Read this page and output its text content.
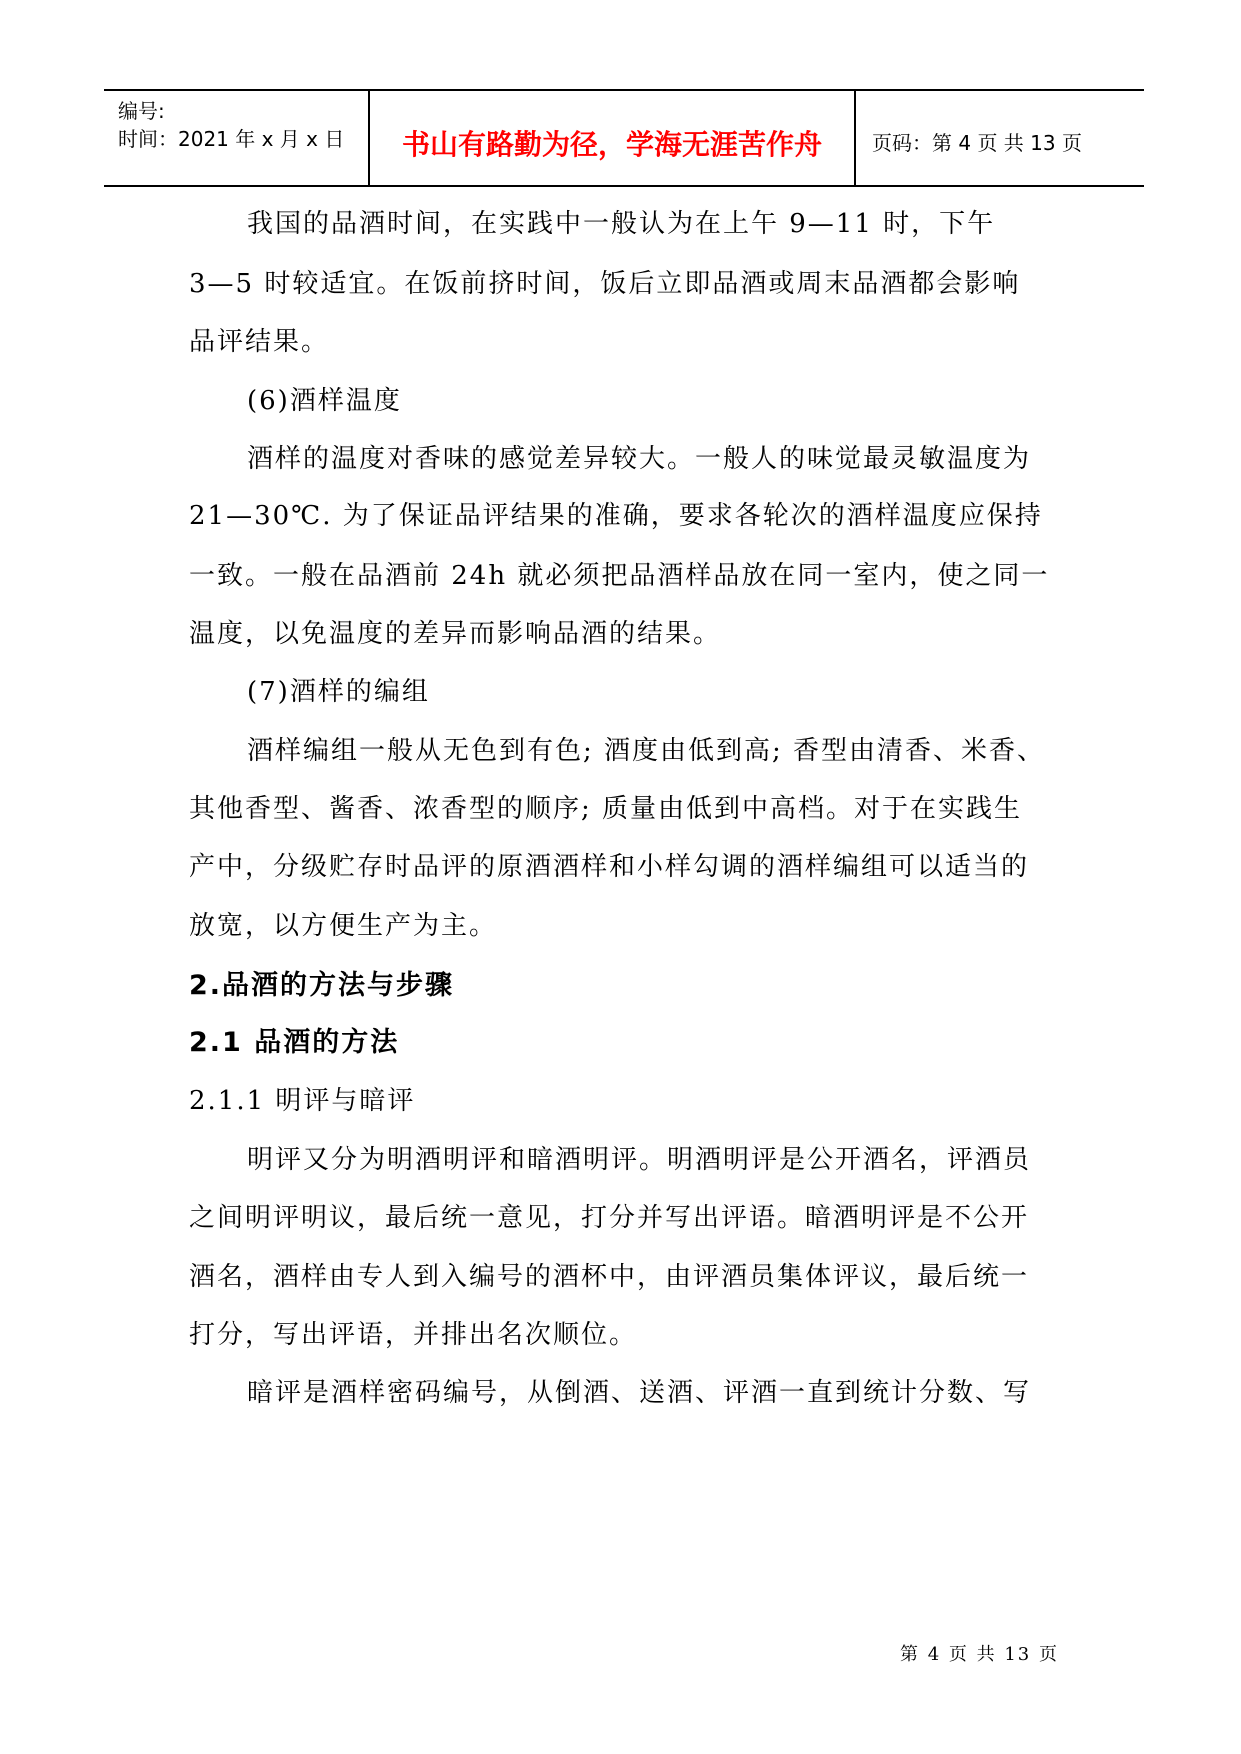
编号:
时间：2021 年 x 月 x 日	书山有路勤为径，学海无涯苦作舟	页码：第 4 页 共 13 页
我国的品酒时间，在实践中一般认为在上午 9—11 时，下午
3—5 时较适宜。在饭前挤时间，饭后立即品酒或周末品酒都会影响
品评结果。
(6)酒样温度
酒样的温度对香味的感觉差异较大。一般人的味觉最灵敏温度为
21—30℃. 为了保证品评结果的准确，要求各轮次的酒样温度应保持
一致。一般在品酒前 24h 就必须把品酒样品放在同一室内，使之同一
温度，以免温度的差异而影响品酒的结果。
(7)酒样的编组
酒样编组一般从无色到有色; 酒度由低到高; 香型由清香、米香、
其他香型、酱香、浓香型的顺序; 质量由低到中高档。对于在实践生
产中，分级贮存时品评的原酒酒样和小样勾调的酒样编组可以适当的
放宽，以方便生产为主。
2.品酒的方法与步骤
2.1 品酒的方法
2.1.1 明评与暗评
明评又分为明酒明评和暗酒明评。明酒明评是公开酒名，评酒员
之间明评明议，最后统一意见，打分并写出评语。暗酒明评是不公开
酒名，酒样由专人到入编号的酒杯中，由评酒员集体评议，最后统一
打分，写出评语，并排出名次顺位。
暗评是酒样密码编号，从倒酒、送酒、评酒一直到统计分数、写
第 4 页 共 13 页
